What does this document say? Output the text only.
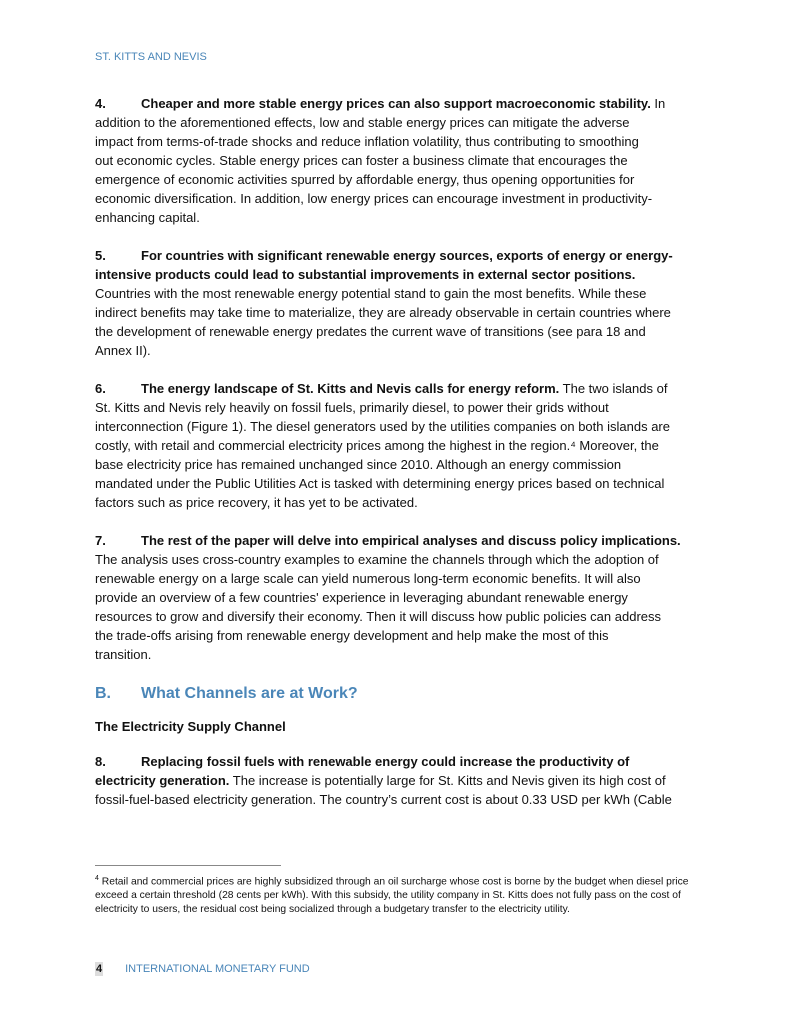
ST. KITTS AND NEVIS
4.	Cheaper and more stable energy prices can also support macroeconomic stability. In
addition to the aforementioned effects, low and stable energy prices can mitigate the adverse
impact from terms-of-trade shocks and reduce inflation volatility, thus contributing to smoothing
out economic cycles. Stable energy prices can foster a business climate that encourages the
emergence of economic activities spurred by affordable energy, thus opening opportunities for
economic diversification. In addition, low energy prices can encourage investment in productivity-
enhancing capital.
5.	For countries with significant renewable energy sources, exports of energy or energy-
intensive products could lead to substantial improvements in external sector positions.
Countries with the most renewable energy potential stand to gain the most benefits. While these
indirect benefits may take time to materialize, they are already observable in certain countries where
the development of renewable energy predates the current wave of transitions (see para 18 and
Annex II).
6.	The energy landscape of St. Kitts and Nevis calls for energy reform. The two islands of
St. Kitts and Nevis rely heavily on fossil fuels, primarily diesel, to power their grids without
interconnection (Figure 1). The diesel generators used by the utilities companies on both islands are
costly, with retail and commercial electricity prices among the highest in the region.⁴ Moreover, the
base electricity price has remained unchanged since 2010. Although an energy commission
mandated under the Public Utilities Act is tasked with determining energy prices based on technical
factors such as price recovery, it has yet to be activated.
7.	The rest of the paper will delve into empirical analyses and discuss policy implications.
The analysis uses cross-country examples to examine the channels through which the adoption of
renewable energy on a large scale can yield numerous long-term economic benefits. It will also
provide an overview of a few countries' experience in leveraging abundant renewable energy
resources to grow and diversify their economy. Then it will discuss how public policies can address
the trade-offs arising from renewable energy development and help make the most of this
transition.
B. What Channels are at Work?
The Electricity Supply Channel
8.	Replacing fossil fuels with renewable energy could increase the productivity of
electricity generation. The increase is potentially large for St. Kitts and Nevis given its high cost of
fossil-fuel-based electricity generation. The country’s current cost is about 0.33 USD per kWh (Cable
$^4$ Retail and commercial prices are highly subsidized through an oil surcharge whose cost is borne by the budget when diesel price exceed a certain threshold (28 cents per kWh). With this subsidy, the utility company in St. Kitts does not fully pass on the cost of electricity to users, the residual cost being socialized through a budgetary transfer to the electricity utility.
4 INTERNATIONAL MONETARY FUND
